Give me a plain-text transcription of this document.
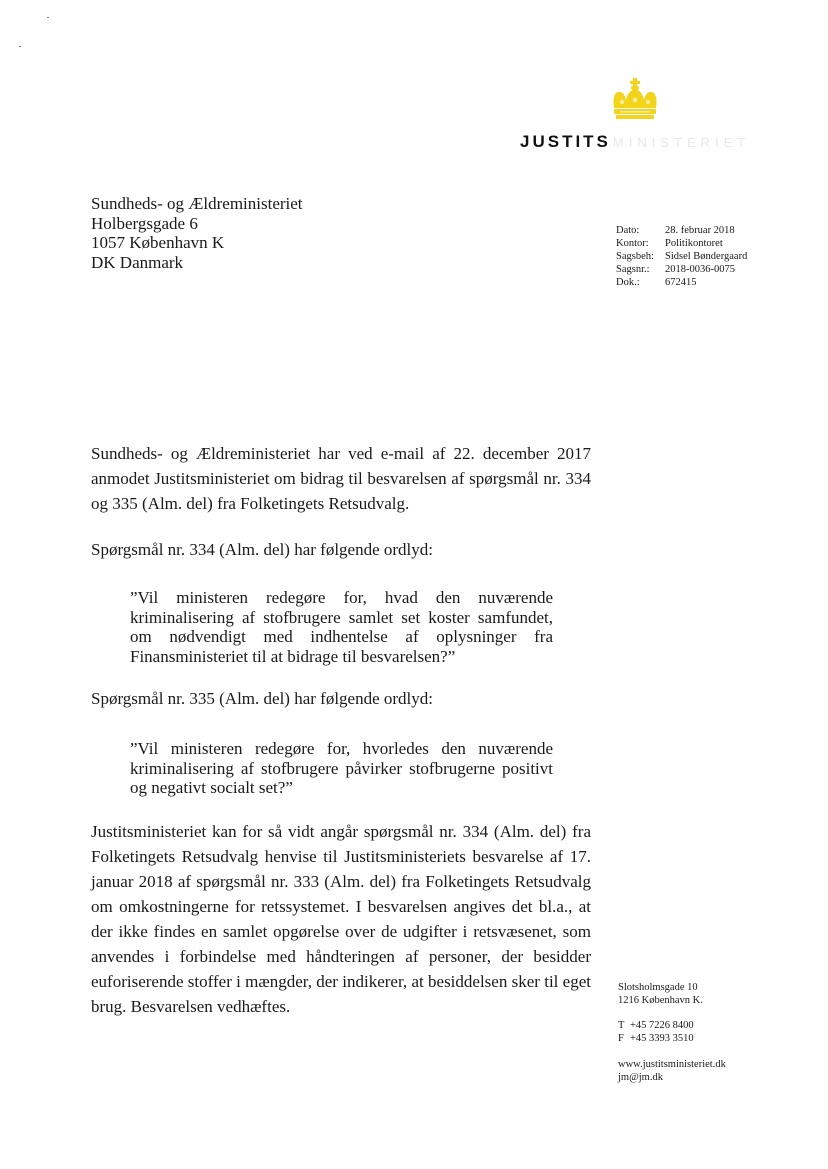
JUSTITS MINISTERIET
Sundheds- og Ældreministeriet
Holbergsgade 6
1057 København K
DK Danmark
Dato:	28. februar 2018
Kontor:	Politikontoret
Sagsbeh:	Sidsel Bøndergaard
Sagsnr.:	2018-0036-0075
Dok.:	672415
Sundheds- og Ældreministeriet har ved e-mail af 22. december 2017 anmodet Justitsministeriet om bidrag til besvarelsen af spørgsmål nr. 334 og 335 (Alm. del) fra Folketingets Retsudvalg.
Spørgsmål nr. 334 (Alm. del) har følgende ordlyd:
”Vil ministeren redegøre for, hvad den nuværende kriminalisering af stofbrugere samlet set koster samfundet, om nødvendigt med indhentelse af oplysninger fra Finansministeriet til at bidrage til besvarelsen?”
Spørgsmål nr. 335 (Alm. del) har følgende ordlyd:
”Vil ministeren redegøre for, hvorledes den nuværende kriminalisering af stofbrugere påvirker stofbrugerne positivt og negativt socialt set?”
Justitsministeriet kan for så vidt angår spørgsmål nr. 334 (Alm. del) fra Folketingets Retsudvalg henvise til Justitsministeriets besvarelse af 17. januar 2018 af spørgsmål nr. 333 (Alm. del) fra Folketingets Retsudvalg om omkostningerne for retssystemet. I besvarelsen angives det bl.a., at der ikke findes en samlet opgørelse over de udgifter i retsvæsenet, som anvendes i forbindelse med håndteringen af personer, der besidder euforiserende stoffer i mængder, der indikerer, at besiddelsen sker til eget brug. Besvarelsen vedhæftes.
Slotsholmsgade 10
1216 København K.
T +45 7226 8400
F +45 3393 3510
www.justitsministeriet.dk
jm@jm.dk
